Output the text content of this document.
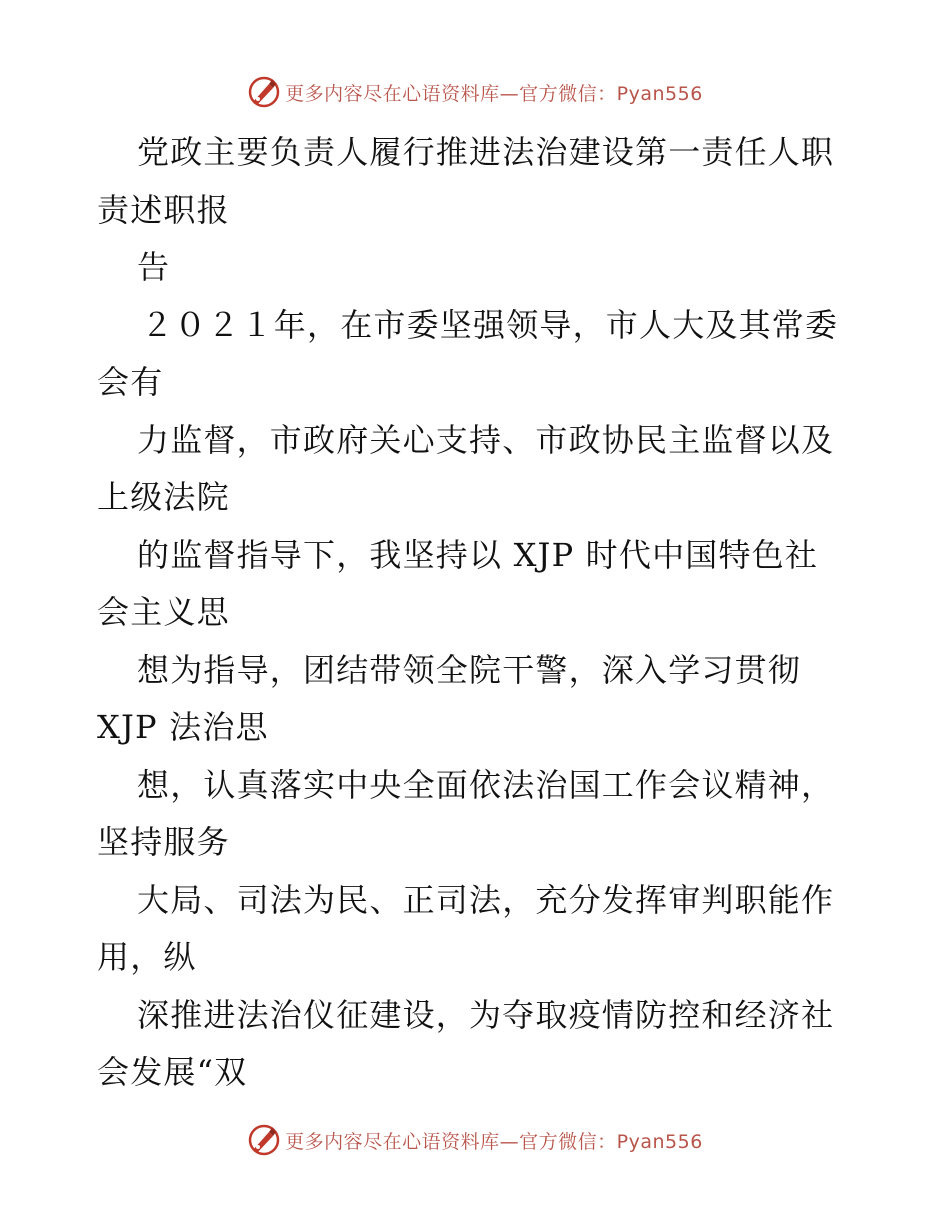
更多内容尽在心语资料库—官方微信：Pyan556
党政主要负责人履行推进法治建设第一责任人职
责述职报
告
２０２１年，在市委坚强领导，市人大及其常委
会有
力监督，市政府关心支持、市政协民主监督以及
上级法院
的监督指导下，我坚持以 XJP 时代中国特色社
会主义思
想为指导，团结带领全院干警，深入学习贯彻
XJP 法治思
想，认真落实中央全面依法治国工作会议精神，
坚持服务
大局、司法为民、正司法，充分发挥审判职能作
用，纵
深推进法治仪征建设，为夺取疫情防控和经济社
会发展“双
更多内容尽在心语资料库—官方微信：Pyan556
